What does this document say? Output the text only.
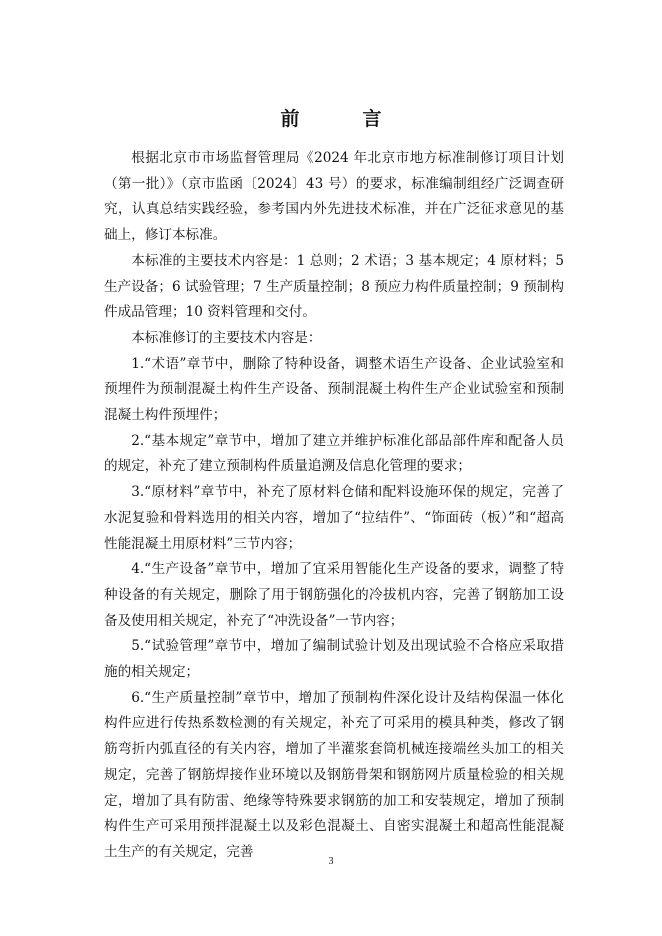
前　言

根据北京市市场监督管理局《2024 年北京市地方标准制修订项目计划（第一批）》（京市监函〔2024〕43 号）的要求，标准编制组经广泛调查研究，认真总结实践经验，参考国内外先进技术标准，并在广泛征求意见的基础上，修订本标准。

本标准的主要技术内容是：1 总则；2 术语；3 基本规定；4 原材料；5 生产设备；6 试验管理；7 生产质量控制；8 预应力构件质量控制；9 预制构件成品管理；10 资料管理和交付。

本标准修订的主要技术内容是：

1.“术语”章节中，删除了特种设备，调整术语生产设备、企业试验室和预埋件为预制混凝土构件生产设备、预制混凝土构件生产企业试验室和预制混凝土构件预埋件；

2.“基本规定”章节中，增加了建立并维护标准化部品部件库和配备人员的规定，补充了建立预制构件质量追溯及信息化管理的要求；

3.“原材料”章节中，补充了原材料仓储和配料设施环保的规定，完善了水泥复验和骨料选用的相关内容，增加了“拉结件”、“饰面砖（板）”和“超高性能混凝土用原材料”三节内容；

4.“生产设备”章节中，增加了宜采用智能化生产设备的要求，调整了特种设备的有关规定，删除了用于钢筋强化的冷拔机内容，完善了钢筋加工设备及使用相关规定，补充了“冲洗设备”一节内容；

5.“试验管理”章节中，增加了编制试验计划及出现试验不合格应采取措施的相关规定；

6.“生产质量控制”章节中，增加了预制构件深化设计及结构保温一体化构件应进行传热系数检测的有关规定，补充了可采用的模具种类，修改了钢筋弯折内弧直径的有关内容，增加了半灌浆套筒机械连接端丝头加工的相关规定，完善了钢筋焊接作业环境以及钢筋骨架和钢筋网片质量检验的相关规定，增加了具有防雷、绝缘等特殊要求钢筋的加工和安装规定，增加了预制构件生产可采用预拌混凝土以及彩色混凝土、自密实混凝土和超高性能混凝土生产的有关规定，完善

3
